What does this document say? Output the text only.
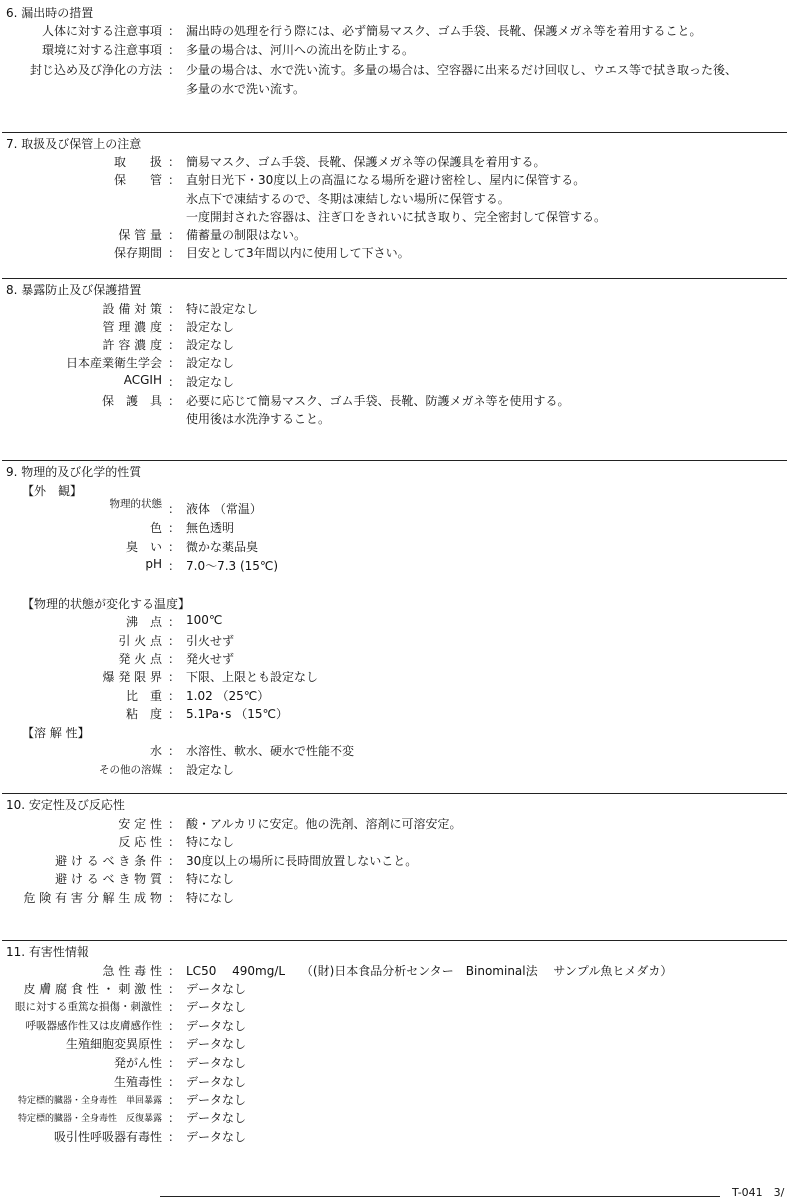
6. 漏出時の措置
人体に対する注意事項 ： 漏出時の処理を行う際には、必ず簡易マスク、ゴム手袋、長靴、保護メガネ等を着用すること。
環境に対する注意事項 ： 多量の場合は、河川への流出を防止する。
封じ込め及び浄化の方法 ： 少量の場合は、水で洗い流す。多量の場合は、空容器に出来るだけ回収し、ウエス等で拭き取った後、
多量の水で洗い流す。
7. 取扱及び保管上の注意
取　　扱 ： 簡易マスク、ゴム手袋、長靴、保護メガネ等の保護具を着用する。
保　　管 ： 直射日光下・30度以上の高温になる場所を避け密栓し、屋内に保管する。
氷点下で凍結するので、冬期は凍結しない場所に保管する。
一度開封された容器は、注ぎ口をきれいに拭き取り、完全密封して保管する。
保 管 量 ： 備蓄量の制限はない。
保存期間 ： 目安として3年間以内に使用して下さい。
8. 暴露防止及び保護措置
設 備 対 策 ： 特に設定なし
管 理 濃 度 ： 設定なし
許 容 濃 度 ： 設定なし
日本産業衛生学会 ： 設定なし
ACGIH ： 設定なし
保　護　具 ： 必要に応じて簡易マスク、ゴム手袋、長靴、防護メガネ等を使用する。
使用後は水洗浄すること。
9. 物理的及び化学的性質
【外　観】
物理的状態 ： 液体 （常温）
色 ： 無色透明
臭　い ： 微かな薬品臭
pH ： 7.0～7.3 (15℃)
【物理的状態が変化する温度】
沸　点 ： 100℃
引 火 点 ： 引火せず
発 火 点 ： 発火せず
爆 発 限 界 ： 下限、上限とも設定なし
比　重 ： 1.02 （25℃）
粘　度 ： 5.1Pa･s （15℃）
【溶 解 性】
水 ： 水溶性、軟水、硬水で性能不変
その他の溶媒 ： 設定なし
10. 安定性及び反応性
安 定 性 ： 酸・アルカリに安定。他の洗剤、溶剤に可溶安定。
反 応 性 ： 特になし
避 け る べ き 条 件 ： 30度以上の場所に長時間放置しないこと。
避 け る べ き 物 質 ： 特になし
危 険 有 害 分 解 生 成 物 ： 特になし
11. 有害性情報
急 性 毒 性 ： LC50　 490mg/L　 （(財)日本食品分析センター　Binominal法　 サンプル魚ヒメダカ）
皮 膚 腐 食 性 ・ 刺 激 性 ： データなし
眼に対する重篤な損傷・刺激性 ： データなし
呼吸器感作性又は皮膚感作性 ： データなし
生殖細胞変異原性 ： データなし
発がん性 ： データなし
生殖毒性 ： データなし
特定標的臓器・全身毒性　単回暴露 ： データなし
特定標的臓器・全身毒性　反復暴露 ： データなし
吸引性呼吸器有毒性 ： データなし
T-041　3/
